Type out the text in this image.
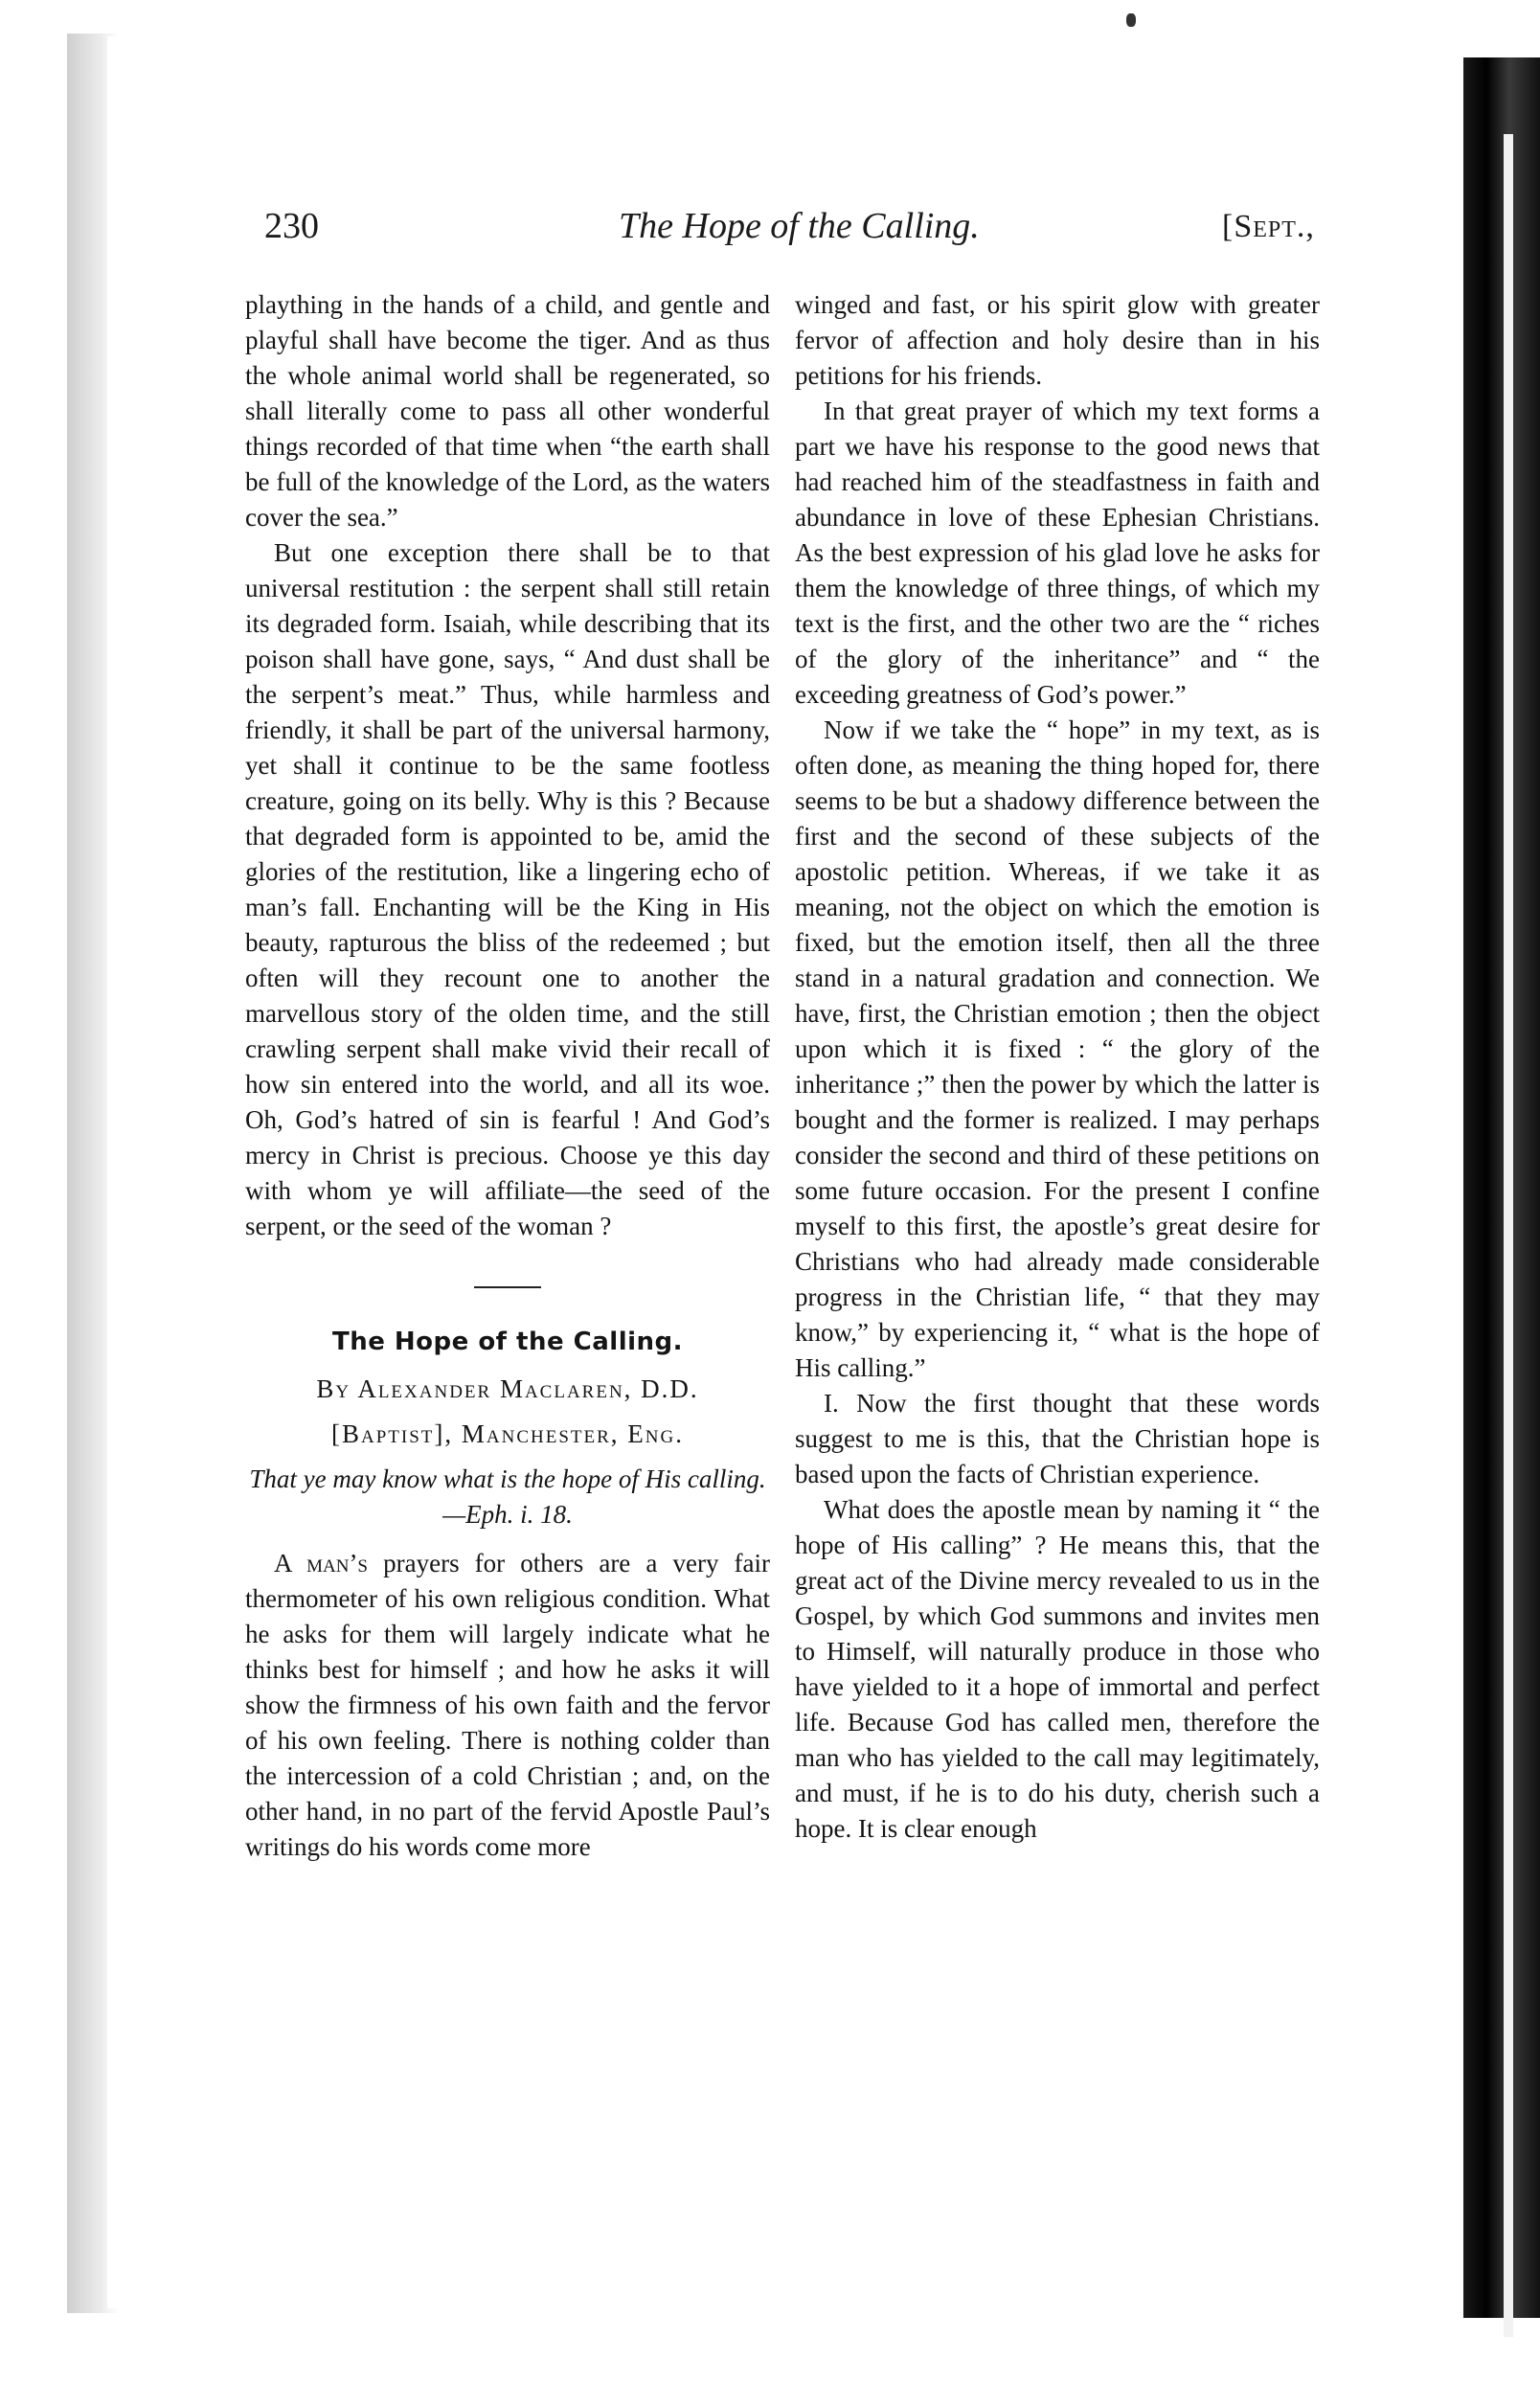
230	The Hope of the Calling.	[Sept.,

plaything in the hands of a child, and gentle and playful shall have become the tiger. And as thus the whole animal world shall be regenerated, so shall literally come to pass all other wonderful things recorded of that time when “the earth shall be full of the knowledge of the Lord, as the waters cover the sea.”

But one exception there shall be to that universal restitution : the serpent shall still retain its degraded form. Isaiah, while describing that its poison shall have gone, says, “ And dust shall be the serpent’s meat.” Thus, while harmless and friendly, it shall be part of the universal harmony, yet shall it continue to be the same footless creature, going on its belly. Why is this ? Because that degraded form is appointed to be, amid the glories of the restitution, like a lingering echo of man’s fall. Enchanting will be the King in His beauty, rapturous the bliss of the redeemed ; but often will they recount one to another the marvellous story of the olden time, and the still crawling serpent shall make vivid their recall of how sin entered into the world, and all its woe. Oh, God’s hatred of sin is fearful ! And God’s mercy in Christ is precious. Choose ye this day with whom ye will affiliate—the seed of the serpent, or the seed of the woman ?

The Hope of the Calling.
By Alexander Maclaren, D.D.
[Baptist], Manchester, Eng.
That ye may know what is the hope of His calling.—Eph. i. 18.

A man’s prayers for others are a very fair thermometer of his own religious condition. What he asks for them will largely indicate what he thinks best for himself ; and how he asks it will show the firmness of his own faith and the fervor of his own feeling. There is nothing colder than the intercession of a cold Christian ; and, on the other hand, in no part of the fervid Apostle Paul’s writings do his words come more

winged and fast, or his spirit glow with greater fervor of affection and holy desire than in his petitions for his friends.

In that great prayer of which my text forms a part we have his response to the good news that had reached him of the steadfastness in faith and abundance in love of these Ephesian Christians. As the best expression of his glad love he asks for them the knowledge of three things, of which my text is the first, and the other two are the “ riches of the glory of the inheritance” and “ the exceeding greatness of God’s power.”

Now if we take the “ hope” in my text, as is often done, as meaning the thing hoped for, there seems to be but a shadowy difference between the first and the second of these subjects of the apostolic petition. Whereas, if we take it as meaning, not the object on which the emotion is fixed, but the emotion itself, then all the three stand in a natural gradation and connection. We have, first, the Christian emotion ; then the object upon which it is fixed : “ the glory of the inheritance ;” then the power by which the latter is bought and the former is realized. I may perhaps consider the second and third of these petitions on some future occasion. For the present I confine myself to this first, the apostle’s great desire for Christians who had already made considerable progress in the Christian life, “ that they may know,” by experiencing it, “ what is the hope of His calling.”

I. Now the first thought that these words suggest to me is this, that the Christian hope is based upon the facts of Christian experience.

What does the apostle mean by naming it “ the hope of His calling” ? He means this, that the great act of the Divine mercy revealed to us in the Gospel, by which God summons and invites men to Himself, will naturally produce in those who have yielded to it a hope of immortal and perfect life. Because God has called men, therefore the man who has yielded to the call may legitimately, and must, if he is to do his duty, cherish such a hope. It is clear enough
